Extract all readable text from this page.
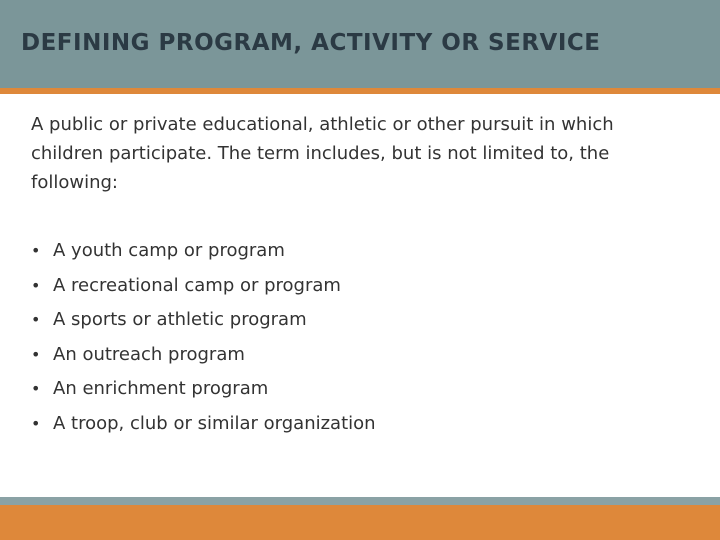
DEFINING PROGRAM, ACTIVITY OR SERVICE

A public or private educational, athletic or other pursuit in which children participate. The term includes, but is not limited to, the following:

• A youth camp or program
• A recreational camp or program
• A sports or athletic program
• An outreach program
• An enrichment program
• A troop, club or similar organization
